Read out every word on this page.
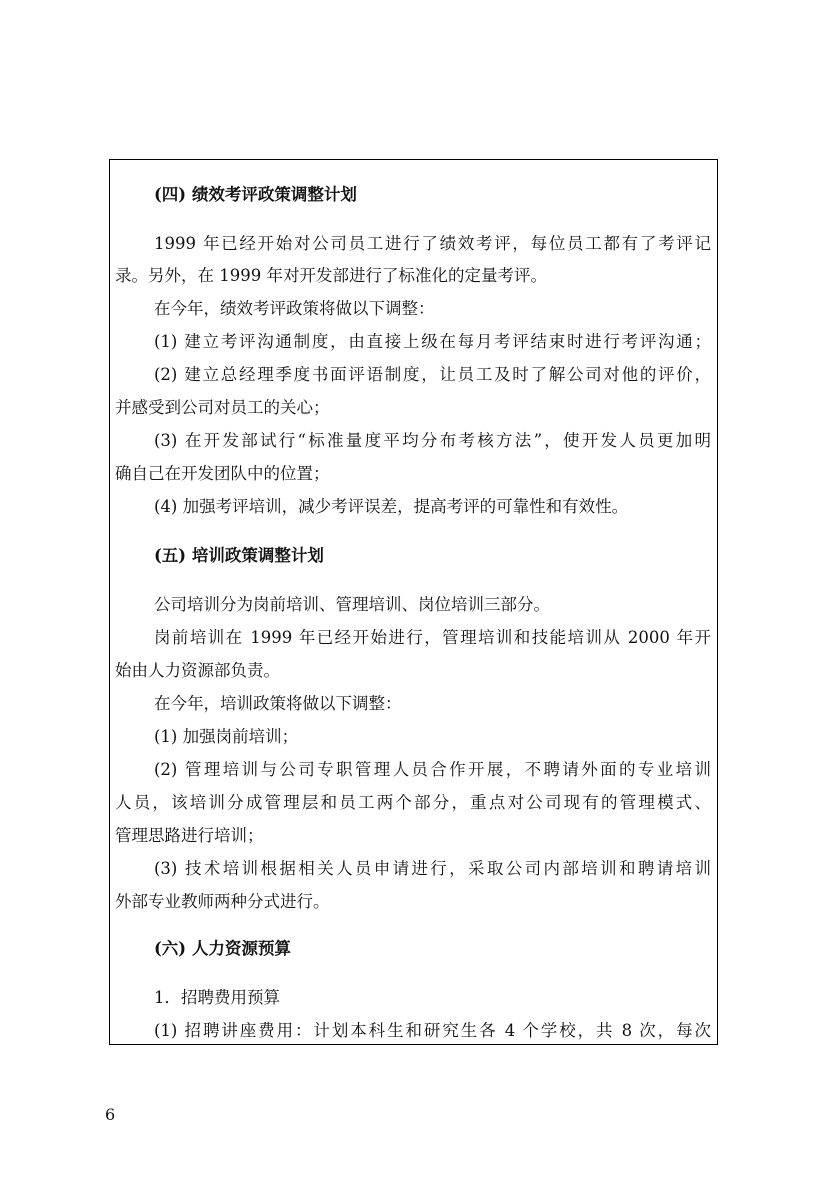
(四) 绩效考评政策调整计划
1999 年已经开始对公司员工进行了绩效考评，每位员工都有了考评记
录。另外，在 1999 年对开发部进行了标准化的定量考评。
在今年，绩效考评政策将做以下调整：
(1) 建立考评沟通制度，由直接上级在每月考评结束时进行考评沟通；
(2) 建立总经理季度书面评语制度，让员工及时了解公司对他的评价，
并感受到公司对员工的关心；
(3) 在开发部试行“标准量度平均分布考核方法”，使开发人员更加明
确自己在开发团队中的位置；
(4) 加强考评培训，减少考评误差，提高考评的可靠性和有效性。
(五) 培训政策调整计划
公司培训分为岗前培训、管理培训、岗位培训三部分。
岗前培训在 1999 年已经开始进行，管理培训和技能培训从 2000 年开
始由人力资源部负责。
在今年，培训政策将做以下调整：
(1) 加强岗前培训；
(2) 管理培训与公司专职管理人员合作开展，不聘请外面的专业培训
人员，该培训分成管理层和员工两个部分，重点对公司现有的管理模式、
管理思路进行培训；
(3) 技术培训根据相关人员申请进行，采取公司内部培训和聘请培训
外部专业教师两种分式进行。
(六) 人力资源预算
1．招聘费用预算
(1) 招聘讲座费用：计划本科生和研究生各 4 个学校，共 8 次，每次
6
